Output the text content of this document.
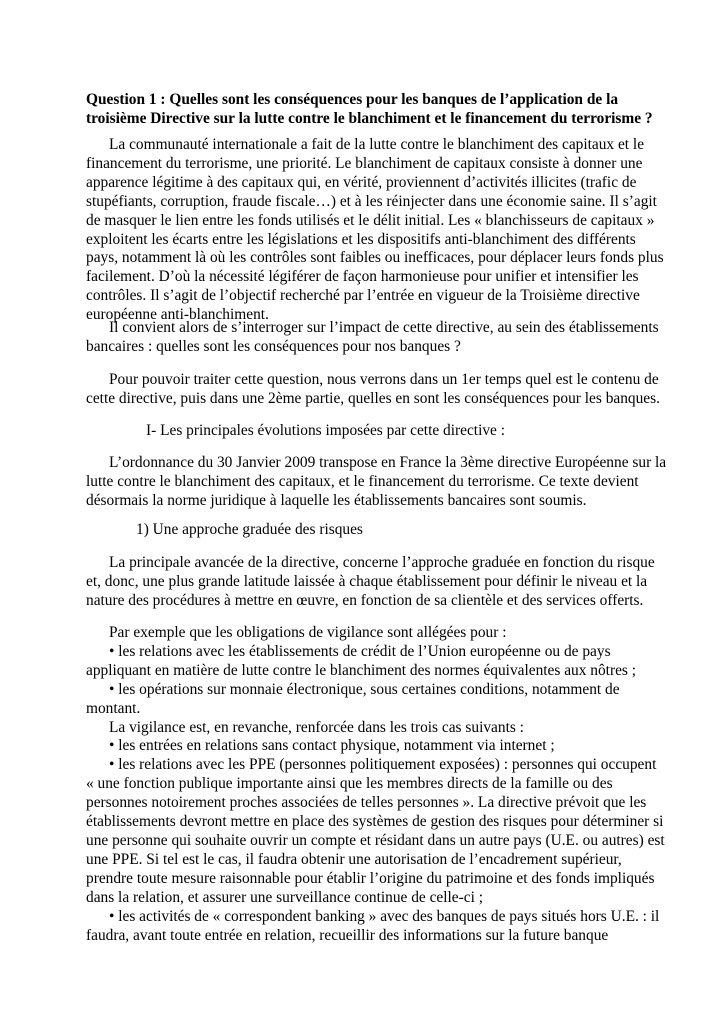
Question 1 : Quelles sont les conséquences pour les banques de l’application de la
troisième Directive sur la lutte contre le blanchiment et le financement du terrorisme ?
La communauté internationale a fait de la lutte contre le blanchiment des capitaux et le
financement du terrorisme, une priorité. Le blanchiment de capitaux consiste à donner une
apparence légitime à des capitaux qui, en vérité, proviennent d’activités illicites (trafic de
stupéfiants, corruption, fraude fiscale…) et à les réinjecter dans une économie saine. Il s’agit
de masquer le lien entre les fonds utilisés et le délit initial. Les « blanchisseurs de capitaux »
exploitent les écarts entre les législations et les dispositifs anti-blanchiment des différents
pays, notamment là où les contrôles sont faibles ou inefficaces, pour déplacer leurs fonds plus
facilement. D’où la nécessité légiférer de façon harmonieuse pour unifier et intensifier les
contrôles. Il s’agit de l’objectif recherché par l’entrée en vigueur de la Troisième directive
européenne anti-blanchiment.
Il convient alors de s’interroger sur l’impact de cette directive, au sein des établissements
bancaires : quelles sont les conséquences pour nos banques ?
Pour pouvoir traiter cette question, nous verrons dans un 1er temps quel est le contenu de
cette directive, puis dans une 2ème partie, quelles en sont les conséquences pour les banques.
I- Les principales évolutions imposées par cette directive :
L’ordonnance du 30 Janvier 2009 transpose en France la 3ème directive Européenne sur la
lutte contre le blanchiment des capitaux, et le financement du terrorisme. Ce texte devient
désormais la norme juridique à laquelle les établissements bancaires sont soumis.
1) Une approche graduée des risques
La principale avancée de la directive, concerne l’approche graduée en fonction du risque
et, donc, une plus grande latitude laissée à chaque établissement pour définir le niveau et la
nature des procédures à mettre en œuvre, en fonction de sa clientèle et des services offerts.
Par exemple que les obligations de vigilance sont allégées pour :
• les relations avec les établissements de crédit de l’Union européenne ou de pays
appliquant en matière de lutte contre le blanchiment des normes équivalentes aux nôtres ;
• les opérations sur monnaie électronique, sous certaines conditions, notamment de
montant.
La vigilance est, en revanche, renforcée dans les trois cas suivants :
• les entrées en relations sans contact physique, notamment via internet ;
• les relations avec les PPE (personnes politiquement exposées) : personnes qui occupent
« une fonction publique importante ainsi que les membres directs de la famille ou des
personnes notoirement proches associées de telles personnes ». La directive prévoit que les
établissements devront mettre en place des systèmes de gestion des risques pour déterminer si
une personne qui souhaite ouvrir un compte et résidant dans un autre pays (U.E. ou autres) est
une PPE. Si tel est le cas, il faudra obtenir une autorisation de l’encadrement supérieur,
prendre toute mesure raisonnable pour établir l’origine du patrimoine et des fonds impliqués
dans la relation, et assurer une surveillance continue de celle-ci ;
• les activités de « correspondent banking » avec des banques de pays situés hors U.E. : il
faudra, avant toute entrée en relation, recueillir des informations sur la future banque
